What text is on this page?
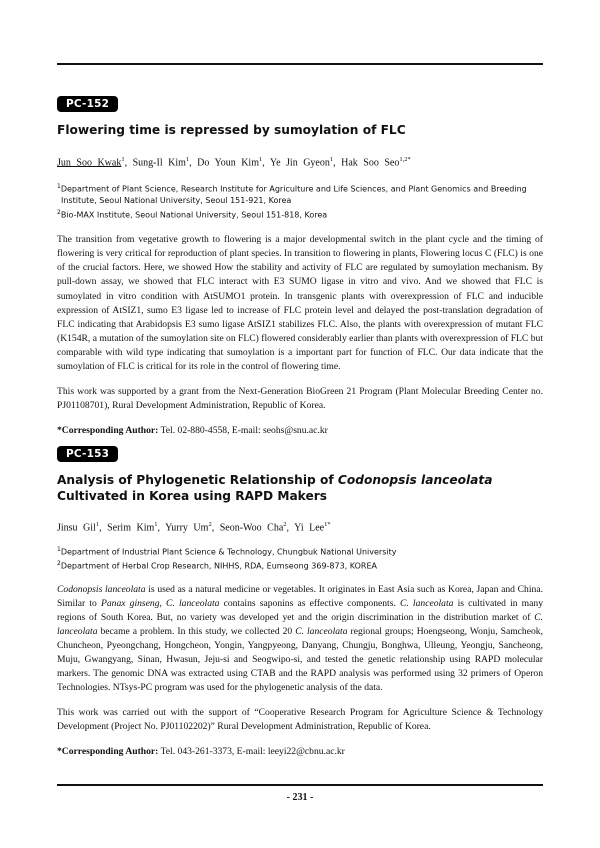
PC-152
Flowering time is repressed by sumoylation of FLC
Jun Soo Kwak$^1$, Sung-Il Kim$^1$, Do Youn Kim$^1$, Ye Jin Gyeon$^1$, Hak Soo Seo$^{1,2*}$
$^1$Department of Plant Science, Research Institute for Agriculture and Life Sciences, and Plant Genomics and Breeding
Institute, Seoul National University, Seoul 151-921, Korea
$^2$Bio-MAX Institute, Seoul National University, Seoul 151-818, Korea

The transition from vegetative growth to flowering is a major developmental switch in the plant cycle and the timing of flowering is very critical for reproduction of plant species. In transition to flowering in plants, Flowering locus C (FLC) is one of the crucial factors. Here, we showed How the stability and activity of FLC are regulated by sumoylation mechanism. By pull-down assay, we showed that FLC interact with E3 SUMO ligase in vitro and vivo. And we showed that FLC is sumoylated in vitro condition with AtSUMO1 protein. In transgenic plants with overexpression of FLC and inducible expression of AtSIZ1, sumo E3 ligase led to increase of FLC protein level and delayed the post-translation degradation of FLC indicating that Arabidopsis E3 sumo ligase AtSIZ1 stabilizes FLC. Also, the plants with overexpression of mutant FLC (K154R, a mutation of the sumoylation site on FLC) flowered considerably earlier than plants with overexpression of FLC but comparable with wild type indicating that sumoylation is a important part for function of FLC. Our data indicate that the sumoylation of FLC is critical for its role in the control of flowering time.

This work was supported by a grant from the Next-Generation BioGreen 21 Program (Plant Molecular Breeding Center no. PJ01108701), Rural Development Administration, Republic of Korea.

*Corresponding Author: Tel. 02-880-4558, E-mail: seohs@snu.ac.kr
PC-153
Analysis of Phylogenetic Relationship of Codonopsis lanceolata Cultivated in Korea using RAPD Makers
Jinsu Gil$^1$, Serim Kim$^1$, Yurry Um$^2$, Seon-Woo Cha$^2$, Yi Lee$^{1*}$
$^1$Department of Industrial Plant Science & Technology, Chungbuk National University
$^2$Department of Herbal Crop Research, NIHHS, RDA, Eumseong 369-873, KOREA

Codonopsis lanceolata is used as a natural medicine or vegetables. It originates in East Asia such as Korea, Japan and China. Similar to Panax ginseng, C. lanceolata contains saponins as effective components. C. lanceolata is cultivated in many regions of South Korea. But, no variety was developed yet and the origin discrimination in the distribution market of C. lanceolata became a problem. In this study, we collected 20 C. lanceolata regional groups; Hoengseong, Wonju, Samcheok, Chuncheon, Pyeongchang, Hongcheon, Yongin, Yangpyeong, Danyang, Chungju, Bonghwa, Ulleung, Yeongju, Sancheong, Muju, Gwangyang, Sinan, Hwasun, Jeju-si and Seogwipo-si, and tested the genetic relationship using RAPD molecular markers. The genomic DNA was extracted using CTAB and the RAPD analysis was performed using 32 primers of Operon Technologies. NTsys-PC program was used for the phylogenetic analysis of the data.

This work was carried out with the support of “Cooperative Research Program for Agriculture Science & Technology Development (Project No. PJ01102202)” Rural Development Administration, Republic of Korea.

*Corresponding Author: Tel. 043-261-3373, E-mail: leeyi22@cbnu.ac.kr
- 231 -
